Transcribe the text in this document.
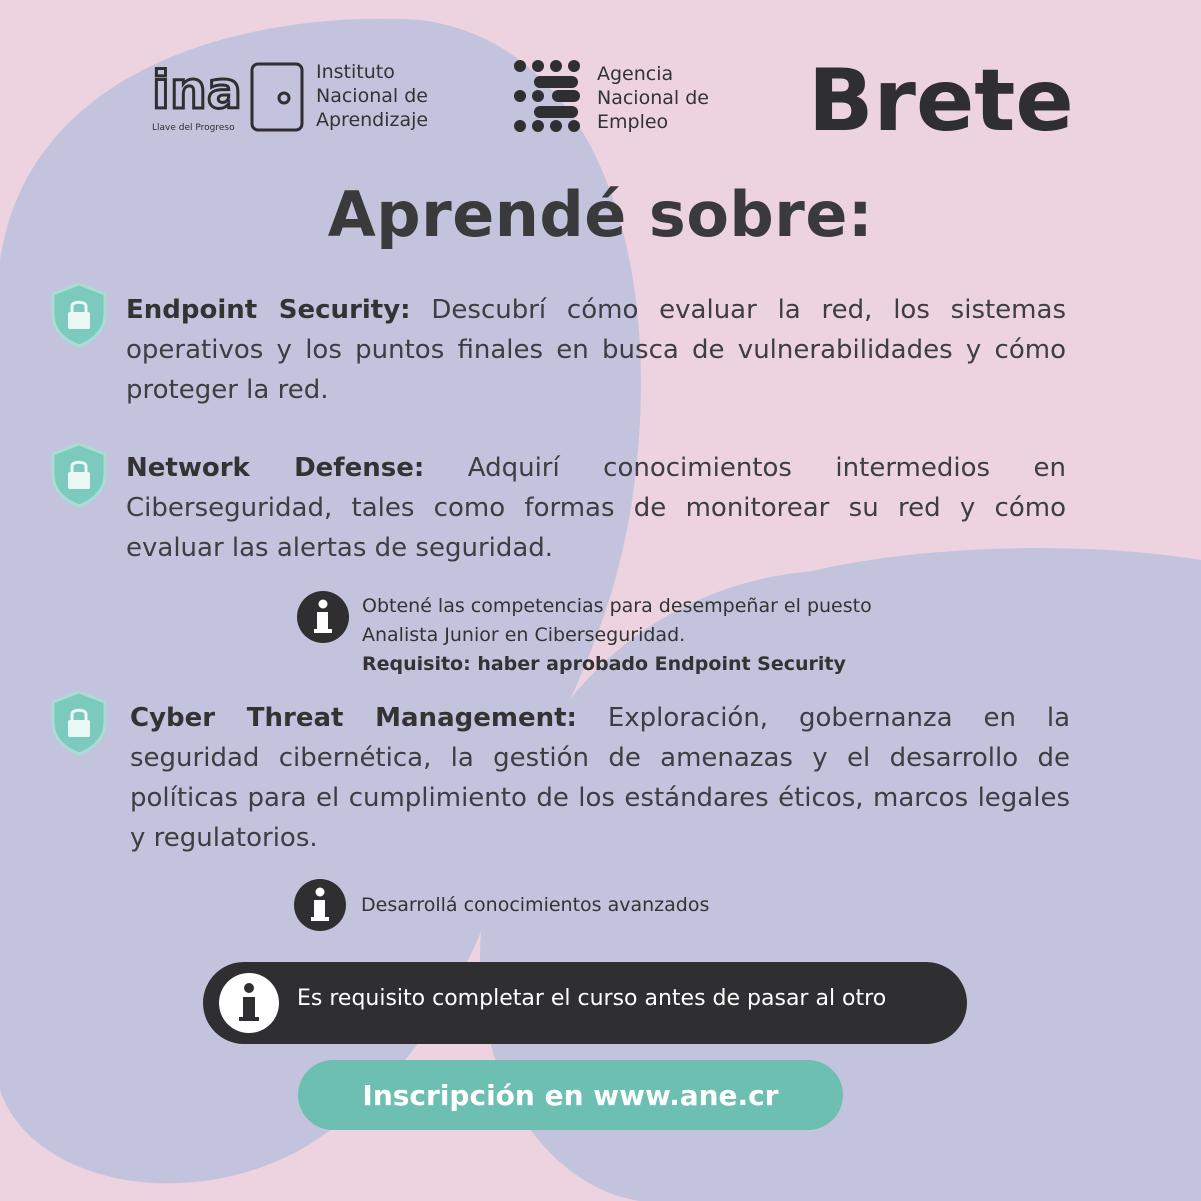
ina
Llave del Progreso
Instituto
Nacional de
Aprendizaje
Agencia
Nacional de
Empleo	Brete
Aprendé sobre:
Endpoint Security: Descubrí cómo evaluar la red, los sistemas operativos y los puntos finales en busca de vulnerabilidades y cómo proteger la red.
Network Defense: Adquirí conocimientos intermedios en Ciberseguridad, tales como formas de monitorear su red y cómo evaluar las alertas de seguridad.
Obtené las competencias para desempeñar el puesto
Analista Junior en Ciberseguridad.
Requisito: haber aprobado Endpoint Security
Cyber Threat Management: Exploración, gobernanza en la seguridad cibernética, la gestión de amenazas y el desarrollo de políticas para el cumplimiento de los estándares éticos, marcos legales y regulatorios.
Desarrollá conocimientos avanzados
Es requisito completar el curso antes de pasar al otro
Inscripción en www.ane.cr
